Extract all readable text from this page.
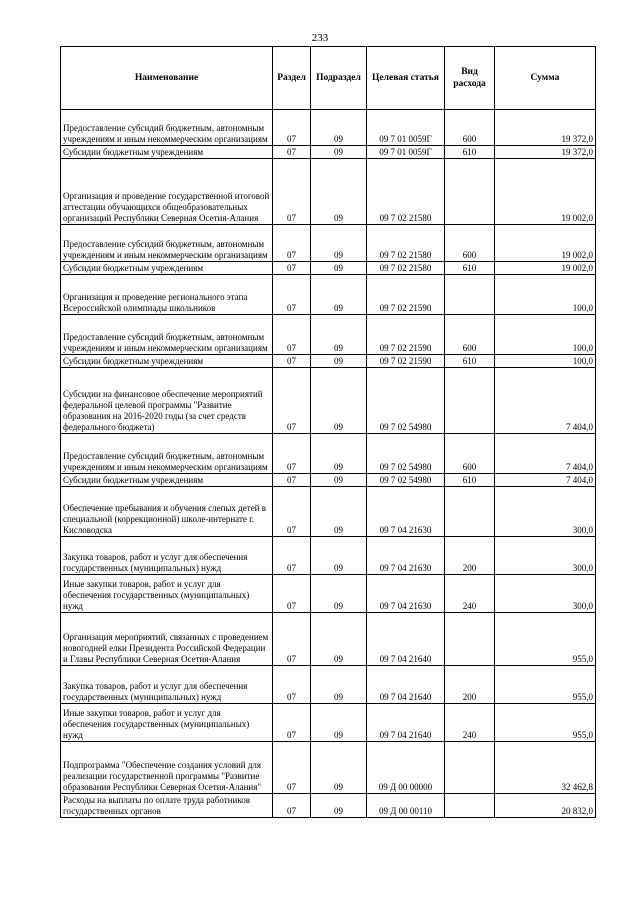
233
Наименование	Раздел	Подраздел	Целевая статья	Вид расхода	Сумма
Предоставление субсидий бюджетным, автономным учреждениям и иным некоммерческим организациям	07	09	09 7 01 0059Г	600	19 372,0
Субсидии бюджетным учреждениям	07	09	09 7 01 0059Г	610	19 372,0
Организация и проведение государственной итоговой аттестации обучающихся общеобразовательных организаций Республики Северная Осетия-Алания	07	09	09 7 02 21580		19 002,0
Предоставление субсидий бюджетным, автономным учреждениям и иным некоммерческим организациям	07	09	09 7 02 21580	600	19 002,0
Субсидии бюджетным учреждениям	07	09	09 7 02 21580	610	19 002,0
Организация и проведение регионального этапа Всероссийской олимпиады школьников	07	09	09 7 02 21590		100,0
Предоставление субсидий бюджетным, автономным учреждениям и иным некоммерческим организациям	07	09	09 7 02 21590	600	100,0
Субсидии бюджетным учреждениям	07	09	09 7 02 21590	610	100,0
Субсидии на финансовое обеспечение мероприятий федеральной целевой программы "Развитие образования на 2016-2020 годы (за счет средств федерального бюджета)	07	09	09 7 02 54980		7 404,0
Предоставление субсидий бюджетным, автономным учреждениям и иным некоммерческим организациям	07	09	09 7 02 54980	600	7 404,0
Субсидии бюджетным учреждениям	07	09	09 7 02 54980	610	7 404,0
Обеспечение пребывания и обучения слепых детей в специальной (коррекционной) школе-интернате г. Кисловодска	07	09	09 7 04 21630		300,0
Закупка товаров, работ и услуг для обеспечения государственных (муниципальных) нужд	07	09	09 7 04 21630	200	300,0
Иные закупки товаров, работ и услуг для обеспечения государственных (муниципальных) нужд	07	09	09 7 04 21630	240	300,0
Организация мероприятий, связанных с проведением новогодней елки Президента Российской Федерации и Главы Республики Северная Осетия-Алания	07	09	09 7 04 21640		955,0
Закупка товаров, работ и услуг для обеспечения государственных (муниципальных) нужд	07	09	09 7 04 21640	200	955,0
Иные закупки товаров, работ и услуг для обеспечения государственных (муниципальных) нужд	07	09	09 7 04 21640	240	955,0
Подпрограмма "Обеспечение создания условий для реализации государственной программы "Развитие образования Республики Северная Осетия-Алания"	07	09	09 Д 00 00000		32 462,8
Расходы на выплаты по оплате труда работников государственных органов	07	09	09 Д 00 00110		20 832,0
